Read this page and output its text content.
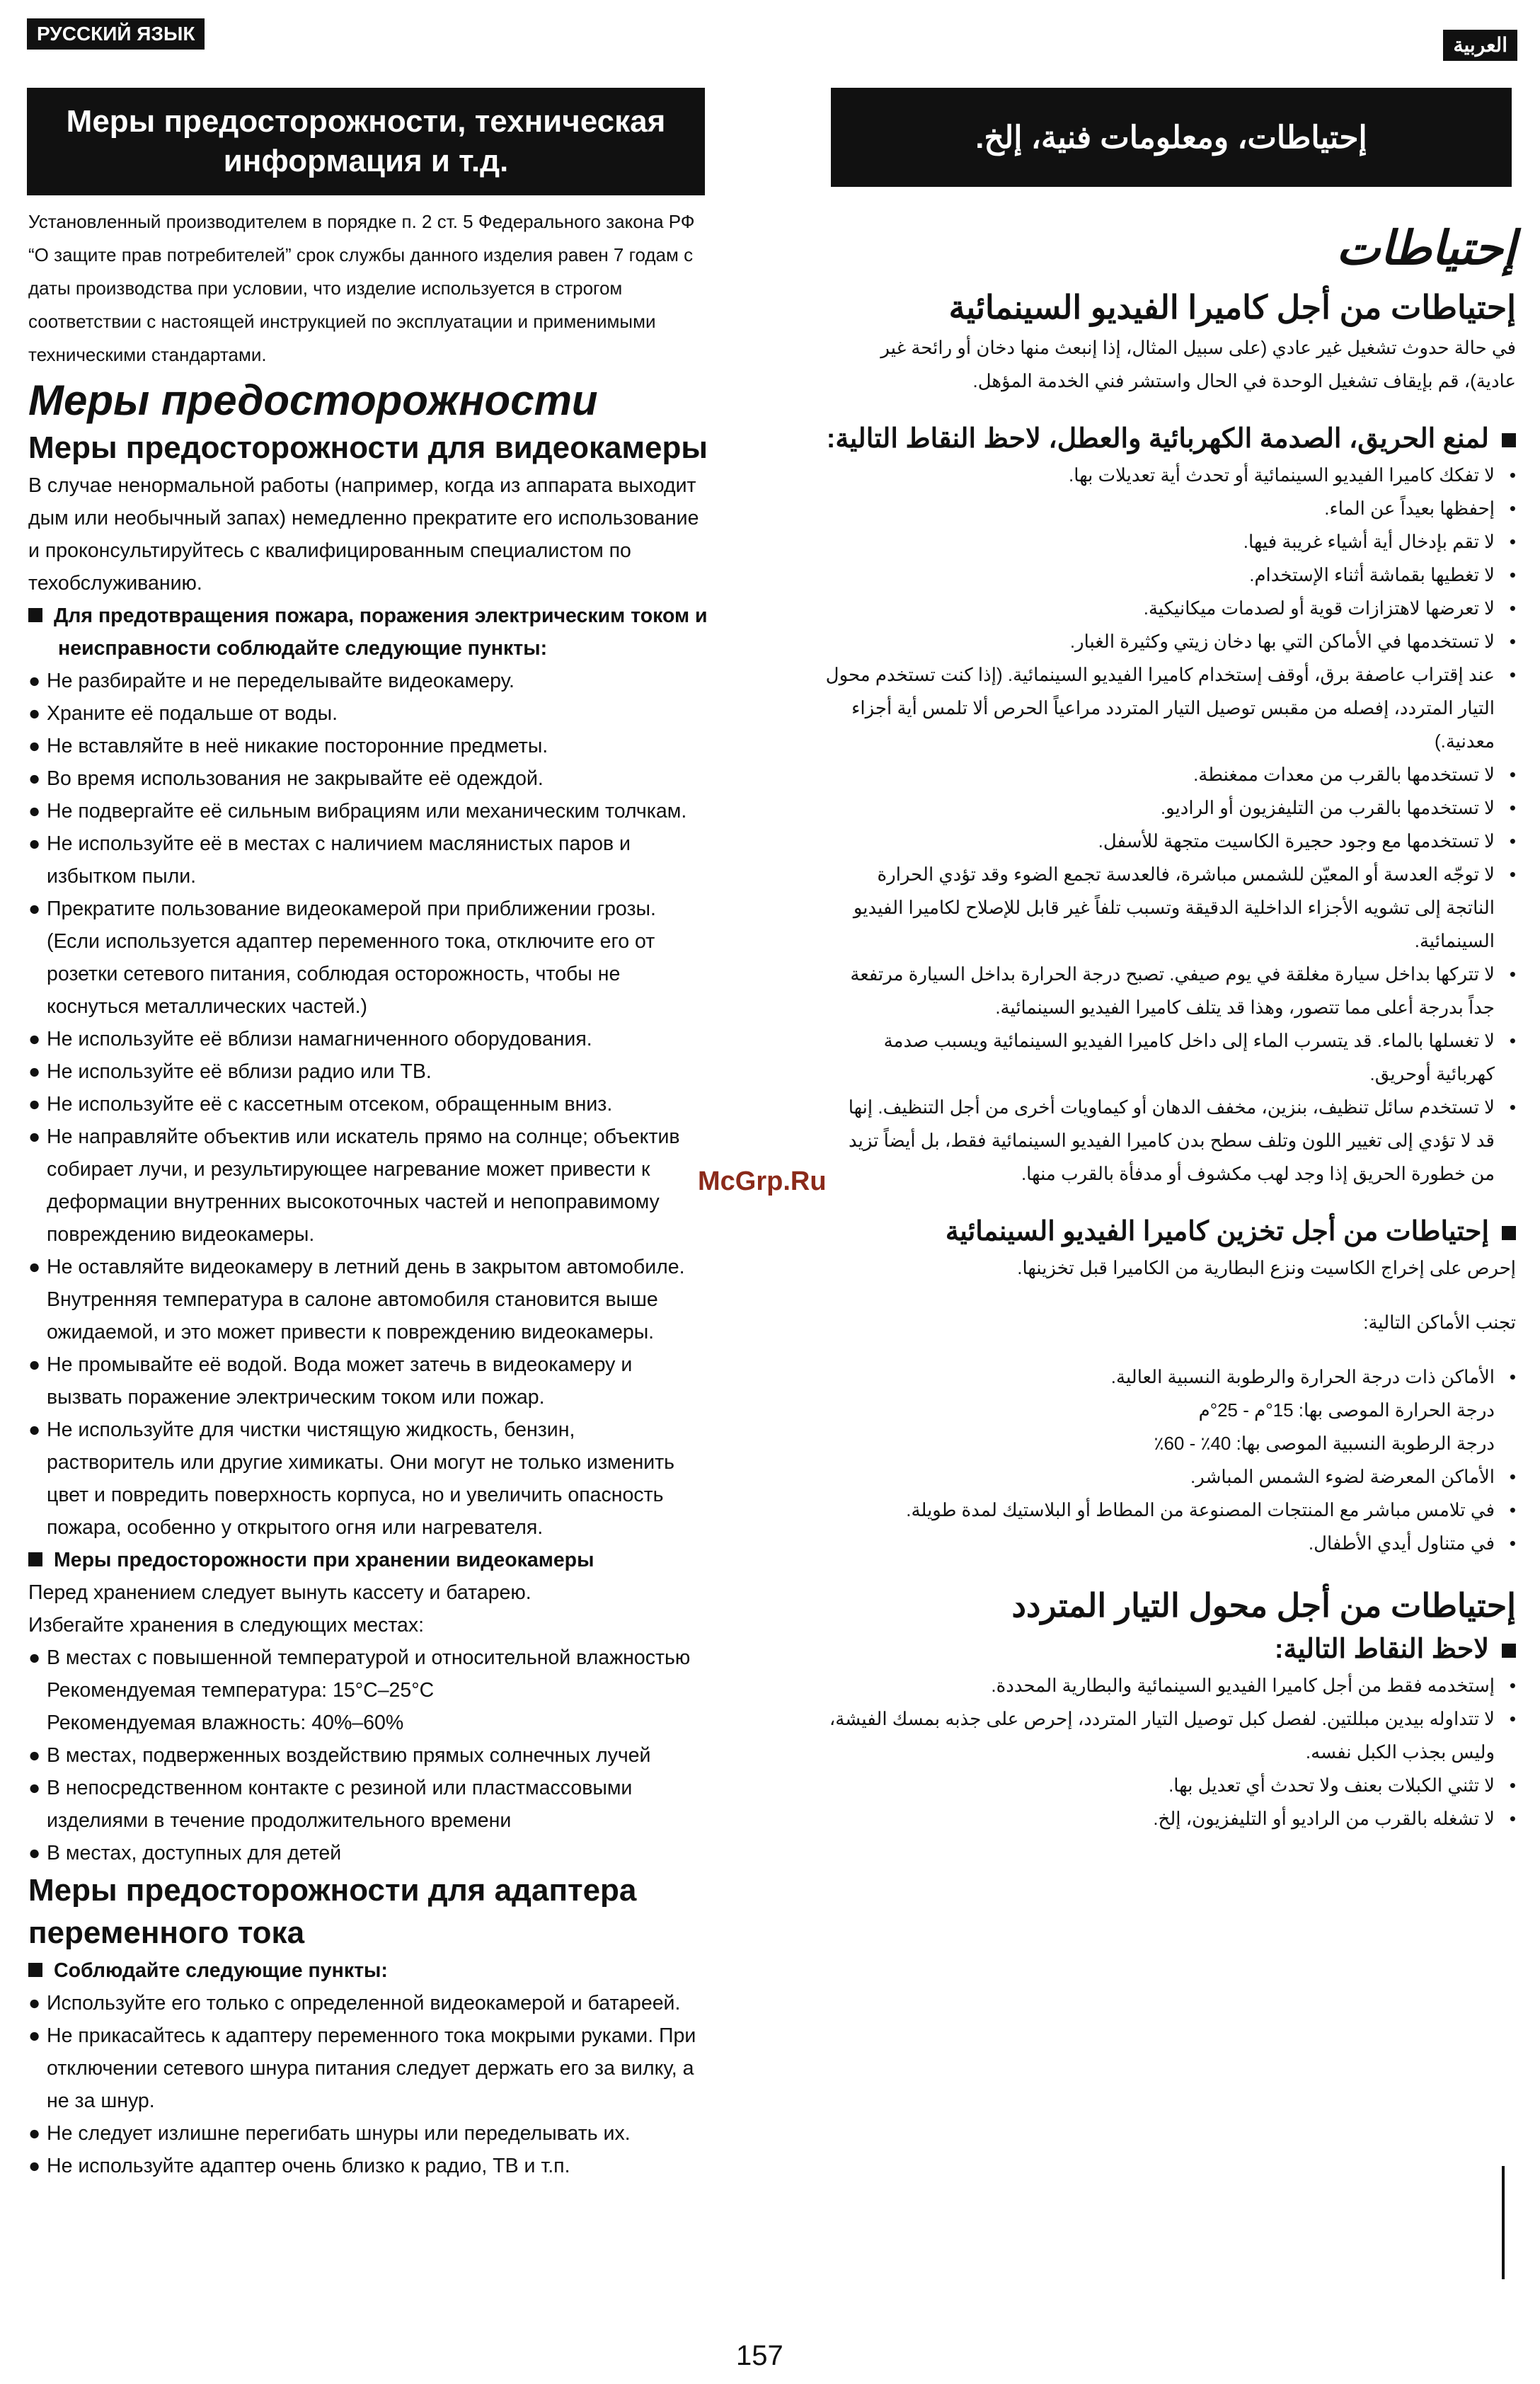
РУССКИЙ ЯЗЫК
العربية
Меры предосторожности, техническая информация и т.д.
إحتياطات، ومعلومات فنية، إلخ.

Установленный производителем в порядке п. 2 ст. 5 Федерального закона РФ “О защите прав потребителей” срок службы данного изделия равен 7 годам с даты производства при условии, что изделие используется в строгом соответствии с настоящей инструкцией по эксплуатации и применимыми техническими стандартами.

Меры предосторожности
Меры предосторожности для видеокамеры

В случае ненормальной работы (например, когда из аппарата выходит дым или необычный запах) немедленно прекратите его использование и проконсультируйтесь с квалифицированным специалистом по техобслуживанию.

Для предотвращения пожара, поражения электрическим током и неисправности соблюдайте следующие пункты:
● Не разбирайте и не переделывайте видеокамеру.
● Храните её подальше от воды.
● Не вставляйте в неё никакие посторонние предметы.
● Во время использования не закрывайте её одеждой.
● Не подвергайте её сильным вибрациям или механическим толчкам.
● Не используйте её в местах с наличием маслянистых паров и избытком пыли.
● Прекратите пользование видеокамерой при приближении грозы. (Если используется адаптер переменного тока, отключите его от розетки сетевого питания, соблюдая осторожность, чтобы не коснуться металлических частей.)
● Не используйте её вблизи намагниченного оборудования.
● Не используйте её вблизи радио или ТВ.
● Не используйте её с кассетным отсеком, обращенным вниз.
● Не направляйте объектив или искатель прямо на солнце; объектив собирает лучи, и результирующее нагревание может привести к деформации внутренних высокоточных частей и непоправимому повреждению видеокамеры.
● Не оставляйте видеокамеру в летний день в закрытом автомобиле. Внутренняя температура в салоне автомобиля становится выше ожидаемой, и это может привести к повреждению видеокамеры.
● Не промывайте её водой. Вода может затечь в видеокамеру и вызвать поражение электрическим током или пожар.
● Не используйте для чистки чистящую жидкость, бензин, растворитель или другие химикаты. Они могут не только изменить цвет и повредить поверхность корпуса, но и увеличить опасность пожара, особенно у открытого огня или нагревателя.
Меры предосторожности при хранении видеокамеры

Перед хранением следует вынуть кассету и батарею.

Избегайте хранения в следующих местах:

● В местах с повышенной температурой и относительной влажностью
Рекомендуемая температура: 15°C–25°C
Рекомендуемая влажность: 40%–60%
● В местах, подверженных воздействию прямых солнечных лучей
● В непосредственном контакте с резиной или пластмассовыми изделиями в течение продолжительного времени
● В местах, доступных для детей
Меры предосторожности для адаптера переменного тока
Соблюдайте следующие пункты:
● Используйте его только с определенной видеокамерой и батареей.
● Не прикасайтесь к адаптеру переменного тока мокрыми руками. При отключении сетевого шнура питания следует держать его за вилку, а не за шнур.
● Не следует излишне перегибать шнуры или переделывать их.
● Не используйте адаптер очень близко к радио, ТВ и т.п.
McGrp.Ru
إحتياطات
إحتياطات من أجل كاميرا الفيديو السينمائية

في حالة حدوث تشغيل غير عادي (على سبيل المثال، إذا إنبعث منها دخان أو رائحة غير عادية)، قم بإيقاف تشغيل الوحدة في الحال واستشر فني الخدمة المؤهل.

لمنع الحريق، الصدمة الكهربائية والعطل، لاحظ النقاط التالية:
•
لا تفكك كاميرا الفيديو السينمائية أو تحدث أية تعديلات بها.
•
إحفظها بعيداً عن الماء.
•
لا تقم بإدخال أية أشياء غريبة فيها.
•
لا تغطيها بقماشة أثناء الإستخدام.
•
لا تعرضها لاهتزازات قوية أو لصدمات ميكانيكية.
•
لا تستخدمها في الأماكن التي بها دخان زيتي وكثيرة الغبار.
•
عند إقتراب عاصفة برق، أوقف إستخدام كاميرا الفيديو السينمائية. (إذا كنت تستخدم محول التيار المتردد، إفصله من مقبس توصيل التيار المتردد مراعياً الحرص ألا تلمس أية أجزاء معدنية.)
•
لا تستخدمها بالقرب من معدات ممغنطة.
•
لا تستخدمها بالقرب من التليفزيون أو الراديو.
•
لا تستخدمها مع وجود حجيرة الكاسيت متجهة للأسفل.
•
لا توجّه العدسة أو المعيّن للشمس مباشرة، فالعدسة تجمع الضوء وقد تؤدي الحرارة الناتجة إلى تشويه الأجزاء الداخلية الدقيقة وتسبب تلفاً غير قابل للإصلاح لكاميرا الفيديو السينمائية.
•
لا تتركها بداخل سيارة مغلقة في يوم صيفي. تصبح درجة الحرارة بداخل السيارة مرتفعة جداً بدرجة أعلى مما تتصور، وهذا قد يتلف كاميرا الفيديو السينمائية.
•
لا تغسلها بالماء. قد يتسرب الماء إلى داخل كاميرا الفيديو السينمائية ويسبب صدمة كهربائية أوحريق.
•
لا تستخدم سائل تنظيف، بنزين، مخفف الدهان أو كيماويات أخرى من أجل التنظيف. إنها قد لا تؤدي إلى تغيير اللون وتلف سطح بدن كاميرا الفيديو السينمائية فقط، بل أيضاً تزيد من خطورة الحريق إذا وجد لهب مكشوف أو مدفأة بالقرب منها.
إحتياطات من أجل تخزين كاميرا الفيديو السينمائية

إحرص على إخراج الكاسيت ونزع البطارية من الكاميرا قبل تخزينها.

تجنب الأماكن التالية:

•
الأماكن ذات درجة الحرارة والرطوبة النسبية العالية.
درجة الحرارة الموصى بها: 15°م - 25°م
درجة الرطوبة النسبية الموصى بها: 40٪ - 60٪
•
الأماكن المعرضة لضوء الشمس المباشر.
•
في تلامس مباشر مع المنتجات المصنوعة من المطاط أو البلاستيك لمدة طويلة.
•
في متناول أيدي الأطفال.
إحتياطات من أجل محول التيار المتردد
لاحظ النقاط التالية:
•
إستخدمه فقط من أجل كاميرا الفيديو السينمائية والبطارية المحددة.
•
لا تتداوله بيدين مبللتين. لفصل كبل توصيل التيار المتردد، إحرص على جذبه بمسك الفيشة، وليس بجذب الكبل نفسه.
•
لا تثني الكبلات بعنف ولا تحدث أي تعديل بها.
•
لا تشغله بالقرب من الراديو أو التليفزيون، إلخ.
157
